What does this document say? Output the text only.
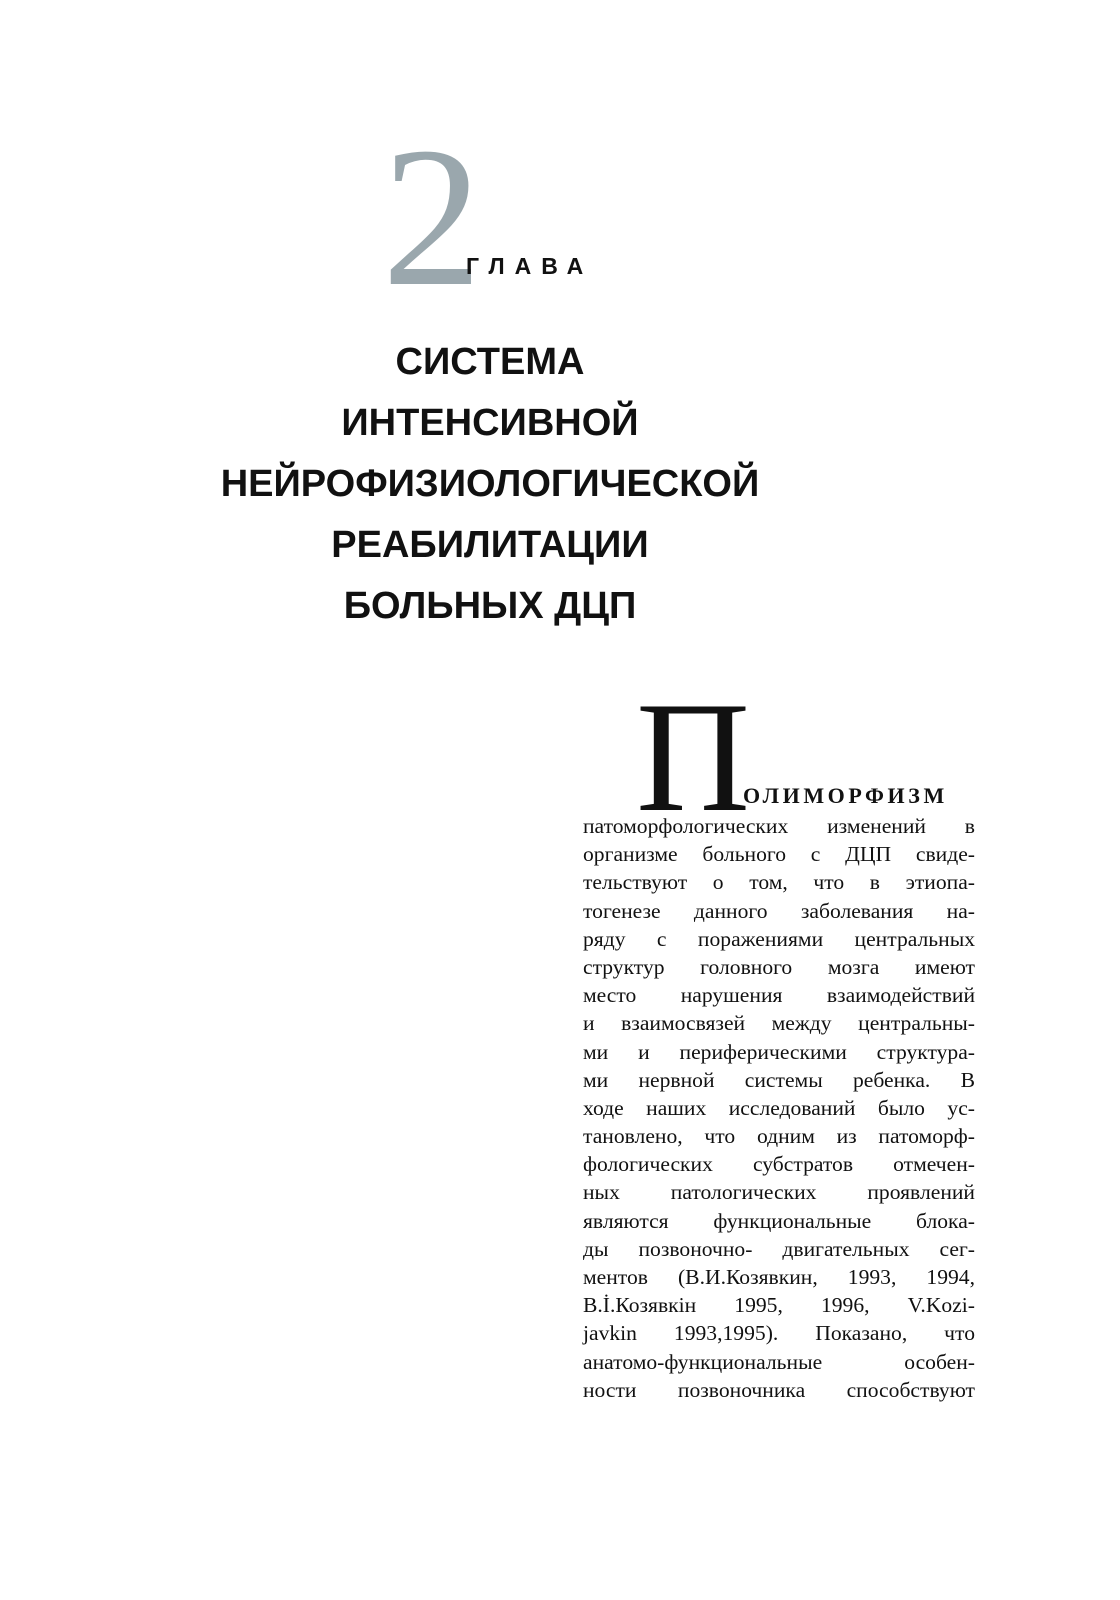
2
ГЛАВА
СИСТЕМА
ИНТЕНСИВНОЙ
НЕЙРОФИЗИОЛОГИЧЕСКОЙ
РЕАБИЛИТАЦИИ
БОЛЬНЫХ ДЦП
П
ОЛИМОРФИЗМ
патоморфологических изменений в
организме больного с ДЦП свиде-
тельствуют о том, что в этиопа-
тогенезе данного заболевания на-
ряду с поражениями центральных
структур головного мозга имеют
место нарушения взаимодействий
и взаимосвязей между центральны-
ми и периферическими структура-
ми нервной системы ребенка. В
ходе наших исследований было ус-
тановлено, что одним из патоморф-
фологических субстратов отмечен-
ных патологических проявлений
являются функциональные блока-
ды позвоночно- двигательных сег-
ментов (В.И.Козявкин, 1993, 1994,
В.İ.Козявкін 1995, 1996, V.Kozi-
javkin 1993,1995). Показано, что
анатомо-функциональные особен-
ности позвоночника способствуют
